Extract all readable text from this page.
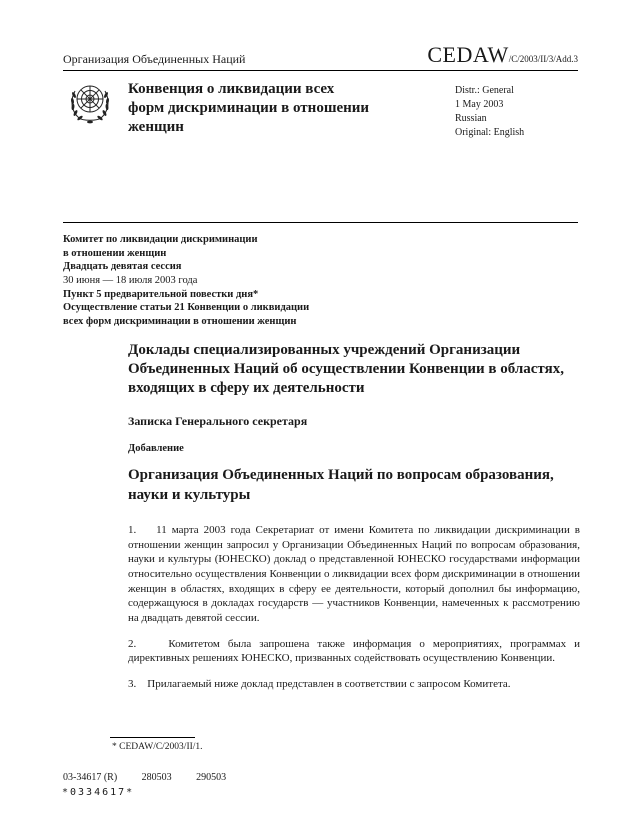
Организация Объединенных Наций	CEDAW/C/2003/II/3/Add.3
Конвенция о ликвидации всех форм дискриминации в отношении женщин
Distr.: General
1 May 2003
Russian
Original: English
Комитет по ликвидации дискриминации
в отношении женщин
Двадцать девятая сессия
30 июня — 18 июля 2003 года
Пункт 5 предварительной повестки дня*
Осуществление статьи 21 Конвенции о ликвидации
всех форм дискриминации в отношении женщин
Доклады специализированных учреждений Организации Объединенных Наций об осуществлении Конвенции в областях, входящих в сферу их деятельности
Записка Генерального секретаря
Добавление
Организация Объединенных Наций по вопросам образования, науки и культуры

1.    11 марта 2003 года Секретариат от имени Комитета по ликвидации дискриминации в отношении женщин запросил у Организации Объединенных Наций по вопросам образования, науки и культуры (ЮНЕСКО) доклад о представленной ЮНЕСКО государствами информации относительно осуществления Конвенции о ликвидации всех форм дискриминации в отношении женщин в областях, входящих в сферу ее деятельности, который дополнил бы информацию, содержащуюся в докладах государств — участников Конвенции, намеченных к рассмотрению на двадцать девятой сессии.

2.    Комитетом была запрошена также информация о мероприятиях, программах и директивных решениях ЮНЕСКО, призванных содействовать осуществлению Конвенции.

3.    Прилагаемый ниже доклад представлен в соответствии с запросом Комитета.

* CEDAW/C/2003/II/1.
03-34617 (R) 280503 290503
*0334617*
